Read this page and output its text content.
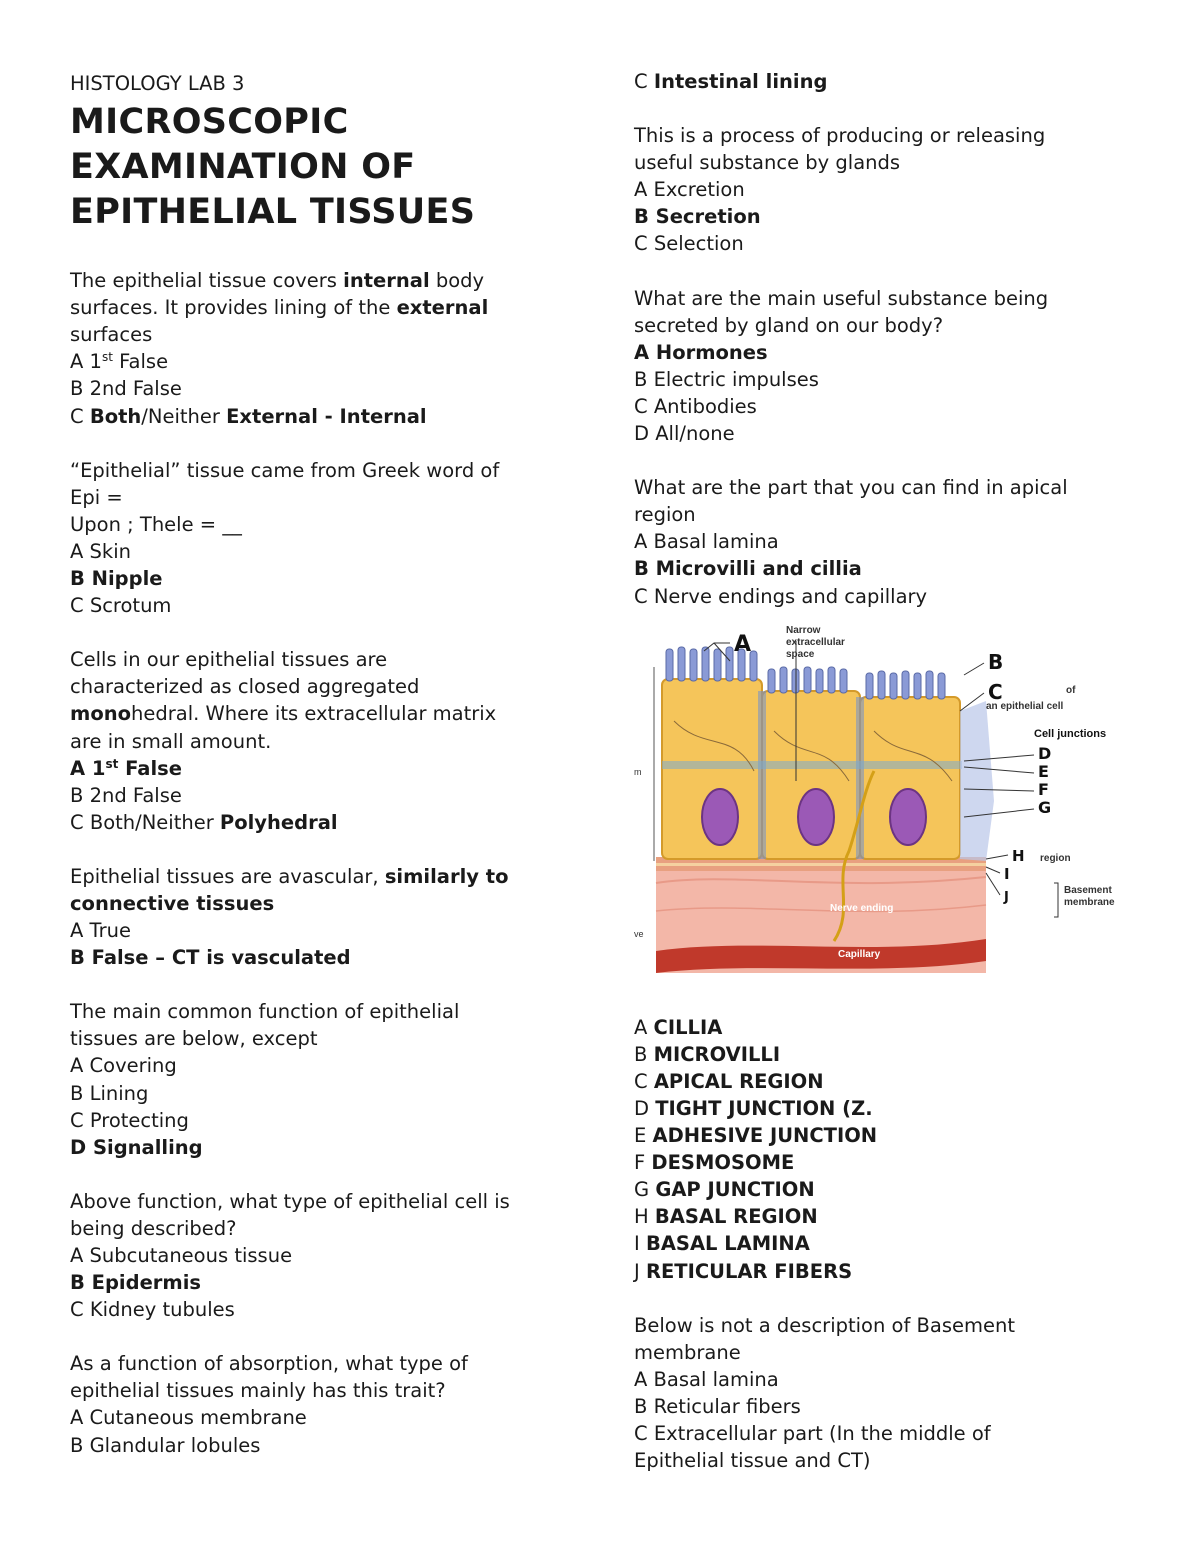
HISTOLOGY LAB 3
MICROSCOPIC
EXAMINATION OF
EPITHELIAL TISSUES
The epithelial tissue covers internal body
surfaces. It provides lining of the external
surfaces
A 1st False
B 2nd False
C Both/Neither External - Internal
“Epithelial” tissue came from Greek word of
Epi =
Upon ; Thele = __
A Skin
B Nipple
C Scrotum
Cells in our epithelial tissues are
characterized as closed aggregated
monohedral. Where its extracellular matrix
are in small amount.
A 1st False
B 2nd False
C Both/Neither Polyhedral
Epithelial tissues are avascular, similarly to
connective tissues
A True
B False – CT is vasculated
The main common function of epithelial
tissues are below, except
A Covering
B Lining
C Protecting
D Signalling
Above function, what type of epithelial cell is
being described?
A Subcutaneous tissue
B Epidermis
C Kidney tubules
As a function of absorption, what type of
epithelial tissues mainly has this trait?
A Cutaneous membrane
B Glandular lobules
C Intestinal lining
This is a process of producing or releasing
useful substance by glands
A Excretion
B Secretion
C Selection
What are the main useful substance being
secreted by gland on our body?
A Hormones
B Electric impulses
C Antibodies
D All/none
What are the part that you can find in apical
region
A Basal lamina
B Microvilli and cillia
C Nerve endings and capillary
m
ve
A
B
C
D
E
F
G
H
I
J
Narrow
extracellular
space
of
an epithelial cell
Cell junctions
region
Basement
membrane
Nerve ending
Capillary
A CILLIA
B MICROVILLI
C APICAL REGION
D TIGHT JUNCTION (Z.
E ADHESIVE JUNCTION
F DESMOSOME
G GAP JUNCTION
H BASAL REGION
I BASAL LAMINA
J RETICULAR FIBERS
Below is not a description of Basement
membrane
A Basal lamina
B Reticular fibers
C Extracellular part (In the middle of
Epithelial tissue and CT)
